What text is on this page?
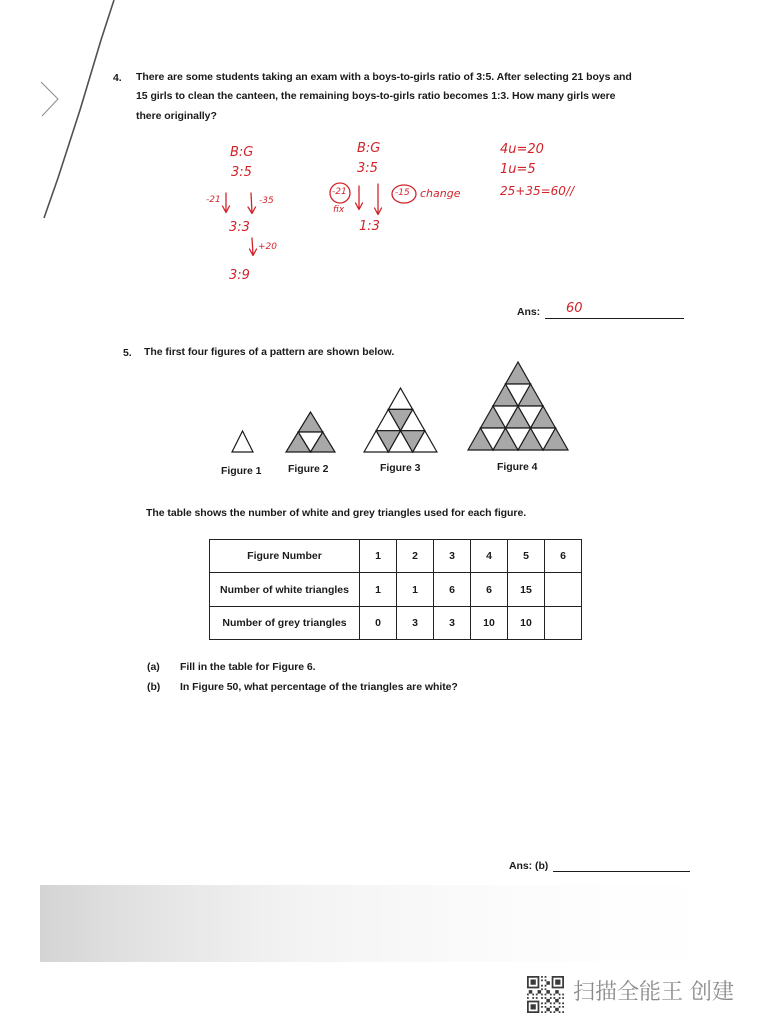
4. There are some students taking an exam with a boys-to-girls ratio of 3:5. After selecting 21 boys and
15 girls to clean the canteen, the remaining boys-to-girls ratio becomes 1:3. How many girls were
there originally?
B:G
3:5
-21	-35
3:3
+20
3:9
B:G
3:5
-21
fix
-15 change
1:3
4u=20
1u=5
25+35=60//
Ans: 60
5. The first four figures of a pattern are shown below.
Figure 1	Figure 2	Figure 3	Figure 4
The table shows the number of white and grey triangles used for each figure.
Figure Number	1	2	3	4	5	6
Number of white triangles	1	1	6	6	15	
Number of grey triangles	0	3	3	10	10	
(a) Fill in the table for Figure 6.
(b) In Figure 50, what percentage of the triangles are white?
Ans: (b)
扫描全能王 创建
